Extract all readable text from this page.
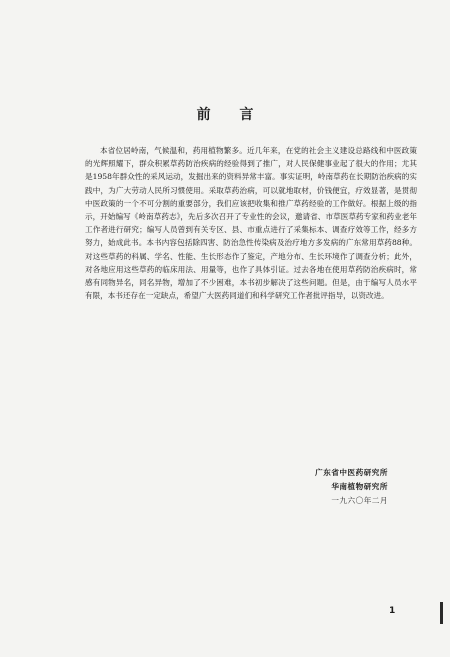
前 言

本省位居岭南，气候温和，药用植物繁多。近几年来，在党的社会主义建设总路线和中医政策的光辉照耀下，群众积累草药防治疾病的经验得到了推广，对人民保健事业起了很大的作用；尤其是1958年群众性的采风运动，发掘出来的资料异常丰富。事实证明，岭南草药在长期防治疾病的实践中，为广大劳动人民所习惯使用。采取草药治病，可以就地取材，价钱便宜，疗效显著，是贯彻中医政策的一个不可分割的重要部分，我们应该把收集和推广草药经验的工作做好。根据上级的指示，开始编写《岭南草药志》，先后多次召开了专业性的会议，邀请省、市草医草药专家和药业老年工作者进行研究；编写人员曾到有关专区、县、市重点进行了采集标本、调查疗效等工作，经多方努力，始成此书。本书内容包括除四害、防治急性传染病及治疗地方多发病的广东常用草药88种。对这些草药的科属、学名、性能、生长形态作了鉴定，产地分布、生长环境作了调查分析；此外，对各地应用这些草药的临床用法、用量等，也作了具体引证。过去各地在使用草药防治疾病时，常感有同物异名，同名异物，增加了不少困难，本书初步解决了这些问题。但是，由于编写人员水平有限，本书还存在一定缺点，希望广大医药同道们和科学研究工作者批评指导，以资改进。

广东省中医药研究所
华南植物研究所
一九六〇年二月
1
